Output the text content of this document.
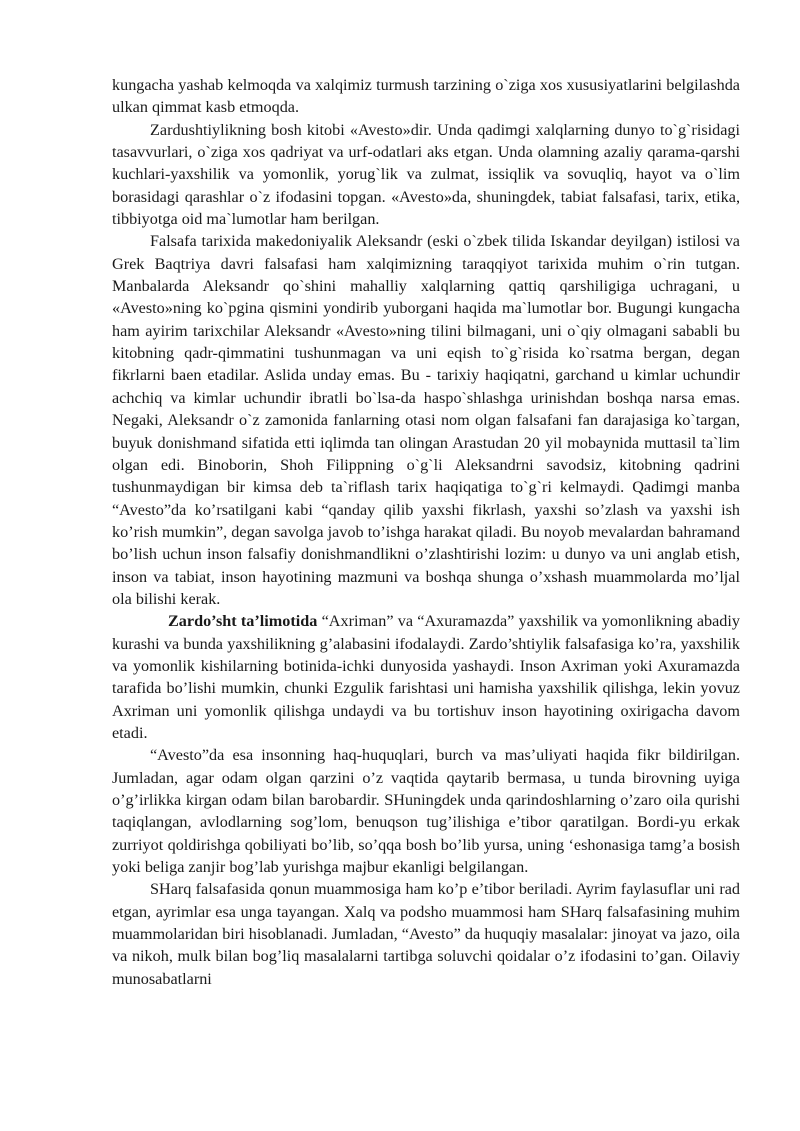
kungacha yashab kelmoqda va xalqimiz turmush tarzining o`ziga xos xususiyatlarini belgilashda ulkan qimmat kasb etmoqda.

Zardushtiylikning bosh kitobi «Avesto»dir. Unda qadimgi xalqlarning dunyo to`g`risidagi tasavvurlari, o`ziga xos qadriyat va urf-odatlari aks etgan. Unda olamning azaliy qarama-qarshi kuchlari-yaxshilik va yomonlik, yorug`lik va zulmat, issiqlik va sovuqliq, hayot va o`lim borasidagi qarashlar o`z ifodasini topgan. «Avesto»da, shuningdek, tabiat falsafasi, tarix, etika, tibbiyotga oid ma`lumotlar ham berilgan.

Falsafa tarixida makedoniyalik Aleksandr (eski o`zbek tilida Iskandar deyilgan) istilosi va Grek Baqtriya davri falsafasi ham xalqimizning taraqqiyot tarixida muhim o`rin tutgan. Manbalarda Aleksandr qo`shini mahalliy xalqlarning qattiq qarshiligiga uchragani, u «Avesto»ning ko`pgina qismini yondirib yuborgani haqida ma`lumotlar bor. Bugungi kungacha ham ayirim tarixchilar Aleksandr «Avesto»ning tilini bilmagani, uni o`qiy olmagani sababli bu kitobning qadr-qimmatini tushunmagan va uni eqish to`g`risida ko`rsatma bergan, degan fikrlarni baen etadilar. Aslida unday emas. Bu - tarixiy haqiqatni, garchand u kimlar uchundir achchiq va kimlar uchundir ibratli bo`lsa-da haspo`shlashga urinishdan boshqa narsa emas. Negaki, Aleksandr o`z zamonida fanlarning otasi nom olgan falsafani fan darajasiga ko`targan, buyuk donishmand sifatida etti iqlimda tan olingan Arastudan 20 yil mobaynida muttasil ta`lim olgan edi. Binoborin, Shoh Filippning o`g`li Aleksandrni savodsiz, kitobning qadrini tushunmaydigan bir kimsa deb ta`riflash tarix haqiqatiga to`g`ri kelmaydi. Qadimgi manba “Avesto”da ko’rsatilgani kabi “qanday qilib yaxshi fikrlash, yaxshi so’zlash va yaxshi ish ko’rish mumkin”, degan savolga javob to’ishga harakat qiladi. Bu noyob mevalardan bahramand bo’lish uchun inson falsafiy donishmandlikni o’zlashtirishi lozim: u dunyo va uni anglab etish, inson va tabiat, inson hayotining mazmuni va boshqa shunga o’xshash muammolarda mo’ljal ola bilishi kerak.

Zardo’sht ta’limotida “Axriman” va “Axuramazda” yaxshilik va yomonlikning abadiy kurashi va bunda yaxshilikning g’alabasini ifodalaydi. Zardo’shtiylik falsafasiga ko’ra, yaxshilik va yomonlik kishilarning botinida-ichki dunyosida yashaydi. Inson Axriman yoki Axuramazda tarafida bo’lishi mumkin, chunki Ezgulik farishtasi uni hamisha yaxshilik qilishga, lekin yovuz Axriman uni yomonlik qilishga undaydi va bu tortishuv inson hayotining oxirigacha davom etadi.

“Avesto”da esa insonning haq-huquqlari, burch va mas’uliyati haqida fikr bildirilgan. Jumladan, agar odam olgan qarzini o’z vaqtida qaytarib bermasa, u tunda birovning uyiga o’g’irlikka kirgan odam bilan barobardir. SHuningdek unda qarindoshlarning o’zaro oila qurishi taqiqlangan, avlodlarning sog’lom, benuqson tug’ilishiga e’tibor qaratilgan. Bordi-yu erkak zurriyot qoldirishga qobiliyati bo’lib, so’qqa bosh bo’lib yursa, uning ‘eshonasiga tamg’a bosish yoki beliga zanjir bog’lab yurishga majbur ekanligi belgilangan.

SHarq falsafasida qonun muammosiga ham ko’p e’tibor beriladi. Ayrim faylasuflar uni rad etgan, ayrimlar esa unga tayangan. Xalq va podsho muammosi ham SHarq falsafasining muhim muammolaridan biri hisoblanadi. Jumladan, “Avesto” da huquqiy masalalar: jinoyat va jazo, oila va nikoh, mulk bilan bog’liq masalalarni tartibga soluvchi qoidalar o’z ifodasini to’gan. Oilaviy munosabatlarni
